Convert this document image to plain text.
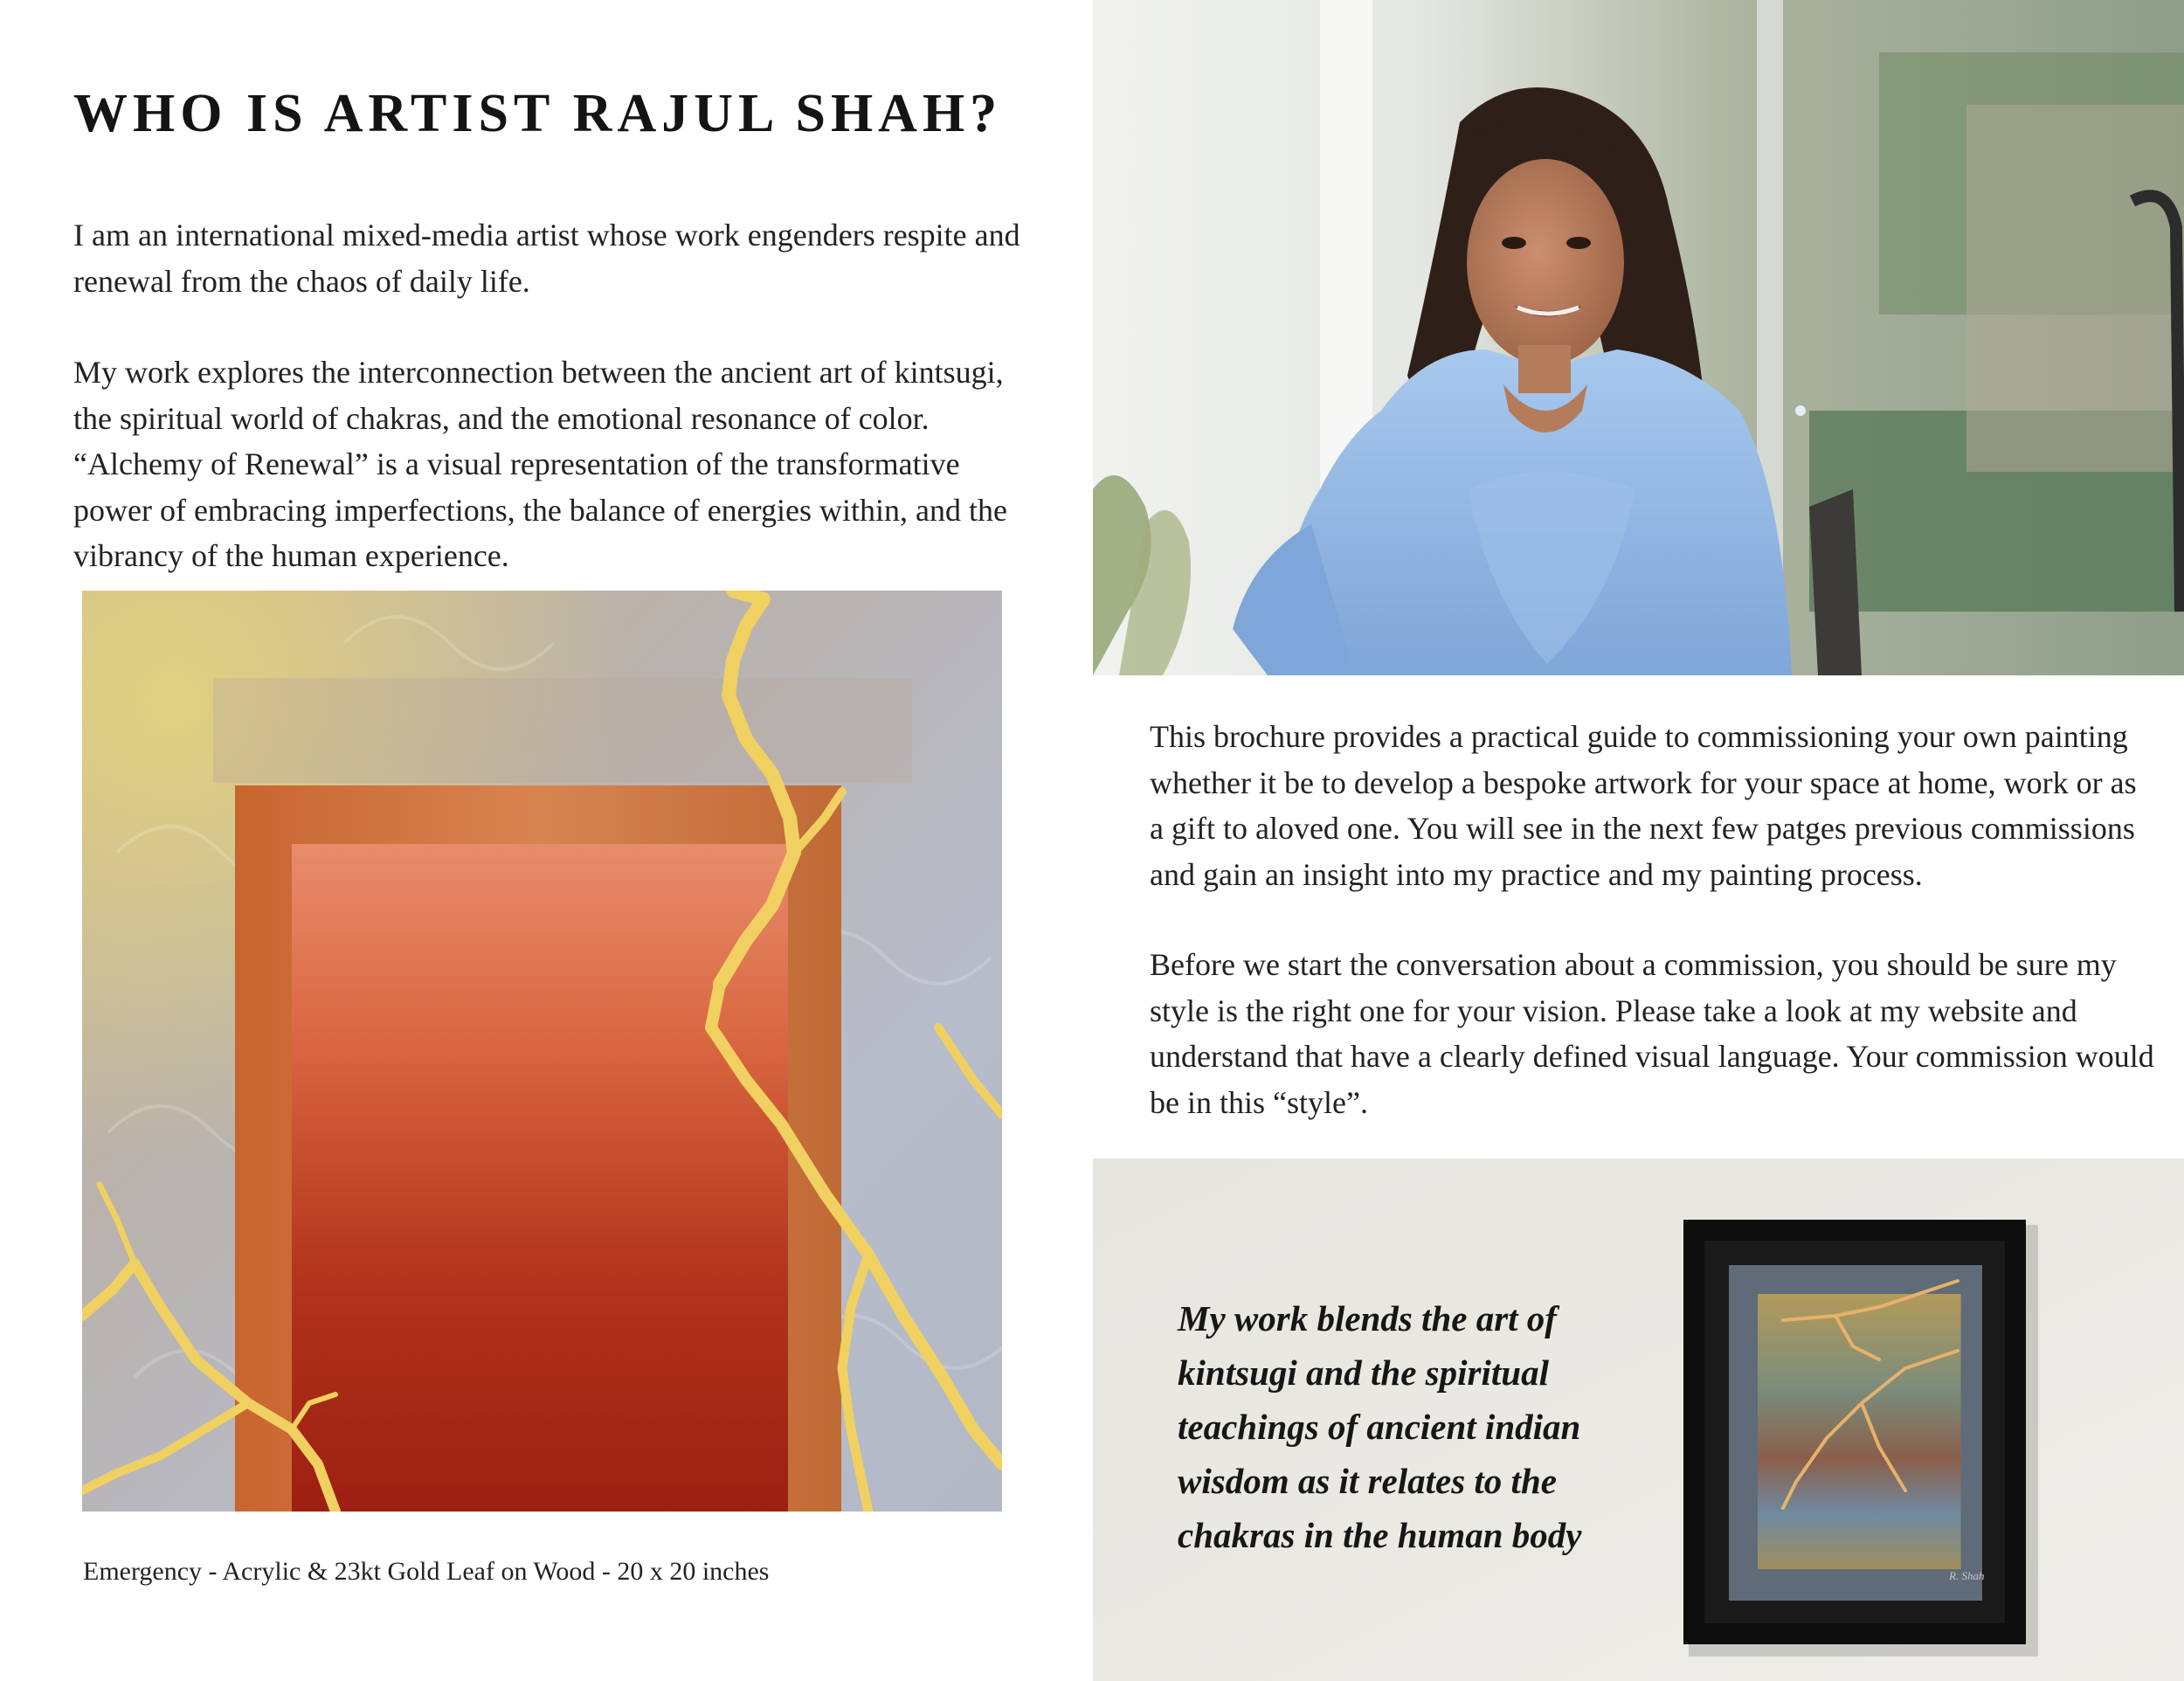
WHO IS ARTIST RAJUL SHAH?

I am an international mixed-media artist whose work engenders respite and renewal from the chaos of daily life.

My work explores the interconnection between the ancient art of kintsugi, the spiritual world of chakras, and the emotional resonance of color. “Alchemy of Renewal” is a visual representation of the transformative power of embracing imperfections, the balance of energies within, and the vibrancy of the human experience.

Emergency - Acrylic & 23kt Gold Leaf on Wood - 20 x 20 inches

This brochure provides a practical guide to commissioning your own painting whether it be to develop a bespoke artwork for your space at home, work or as a gift to aloved one. You will see in the next few patges previous commissions and gain an insight into my practice and my painting process.

Before we start the conversation about a commission, you should be sure my style is the right one for your vision. Please take a look at my website and understand that have a clearly defined visual language. Your commission would be in this “style”.

R. Shah

My work blends the art of kintsugi and the spiritual teachings of ancient indian wisdom as it relates to the chakras in the human body
